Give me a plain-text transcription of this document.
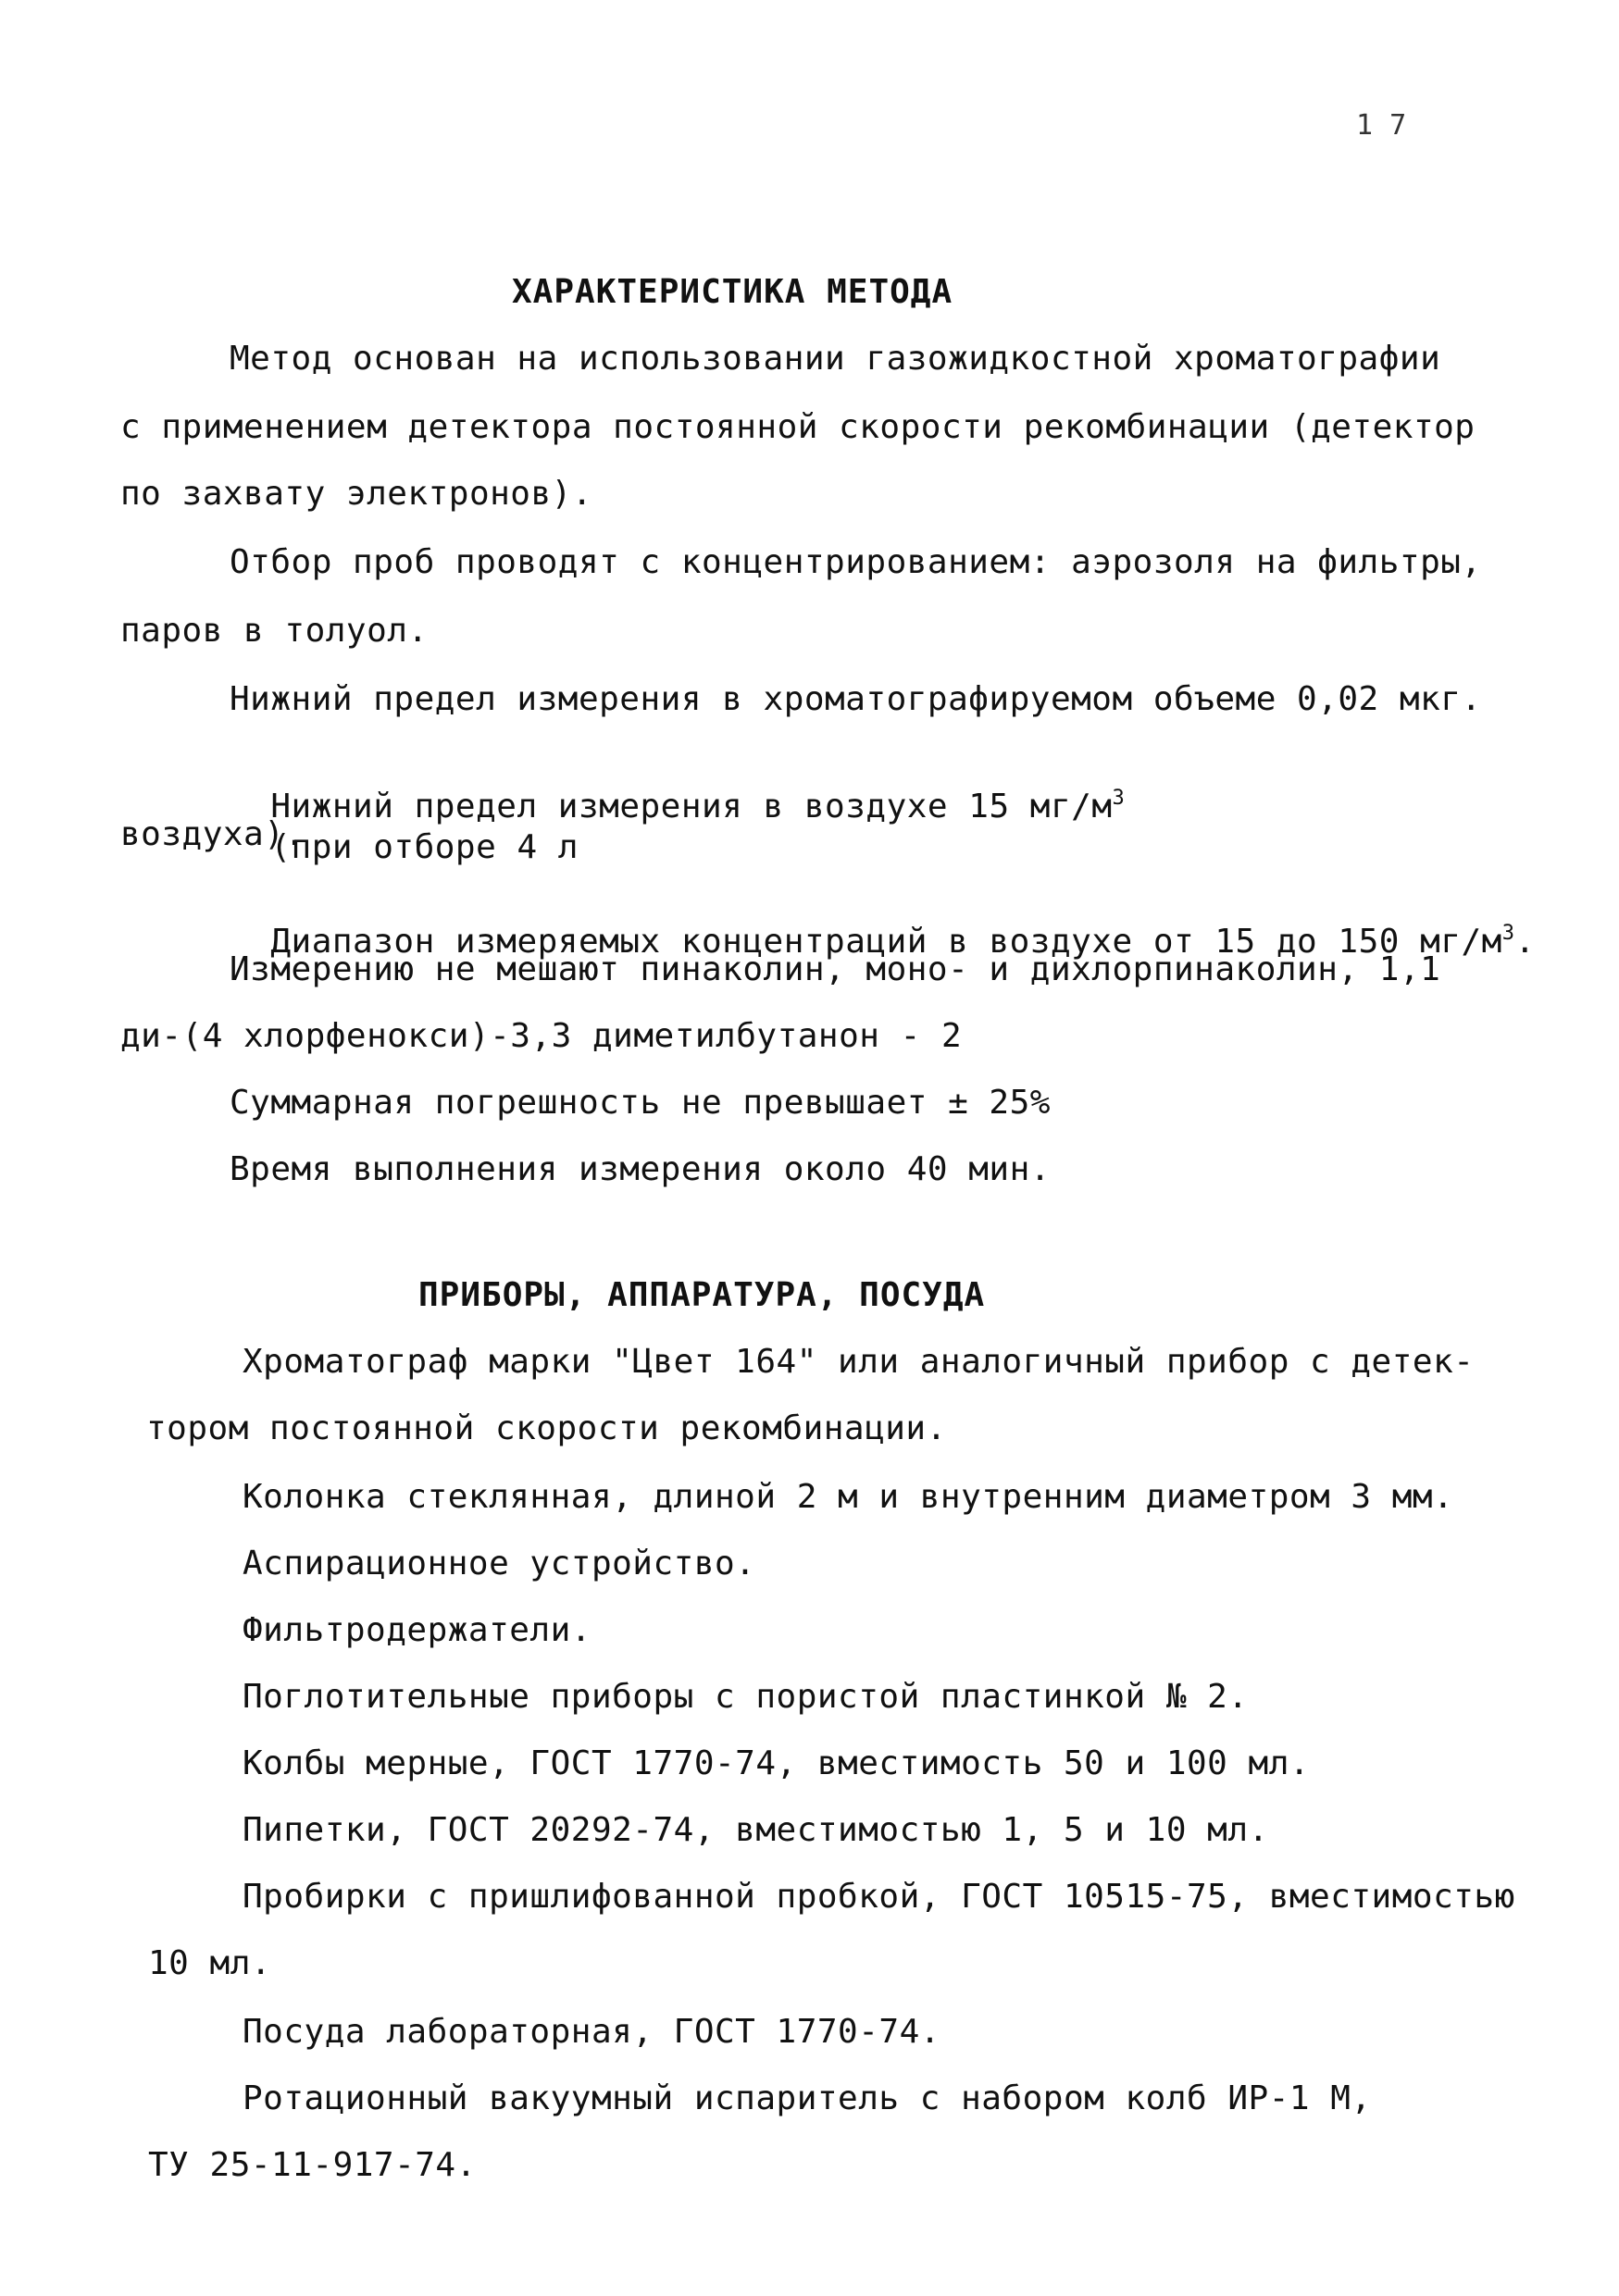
1 7
ХАРАКТЕРИСТИКА МЕТОДА
Метод основан на использовании газожидкостной хроматографии
с применением детектора постоянной скорости рекомбинации (детектор
по захвату электронов).
Отбор проб проводят с концентрированием: аэрозоля на фильтры,
паров в толуол.
Нижний предел измерения в хроматографируемом объеме 0,02 мкг.

Нижний предел измерения в воздухе 15 $мг/м^3$
(при отборе 4 л

воздуха).

Диапазон измеряемых концентраций в воздухе от 15 до 150 $мг/м^3$.

Измерению не мешают пинаколин, моно- и дихлорпинаколин, 1,1
ди-(4 хлорфенокси)-3,3 диметилбутанон - 2
Суммарная погрешность не превышает ± 25%
Время выполнения измерения около 40 мин.
ПРИБОРЫ, АППАРАТУРА, ПОСУДА
Хроматограф марки "Цвет 164" или аналогичный прибор с детек-
тором постоянной скорости рекомбинации.
Колонка стеклянная, длиной 2 м и внутренним диаметром 3 мм.
Аспирационное устройство.
Фильтродержатели.
Поглотительные приборы с пористой пластинкой № 2.
Колбы мерные, ГОСТ 1770-74, вместимость 50 и 100 мл.
Пипетки, ГОСТ 20292-74, вместимостью 1, 5 и 10 мл.
Пробирки с пришлифованной пробкой, ГОСТ 10515-75, вместимостью
10 мл.
Посуда лабораторная, ГОСТ 1770-74.
Ротационный вакуумный испаритель с набором колб ИР-1 М,
ТУ 25-11-917-74.
